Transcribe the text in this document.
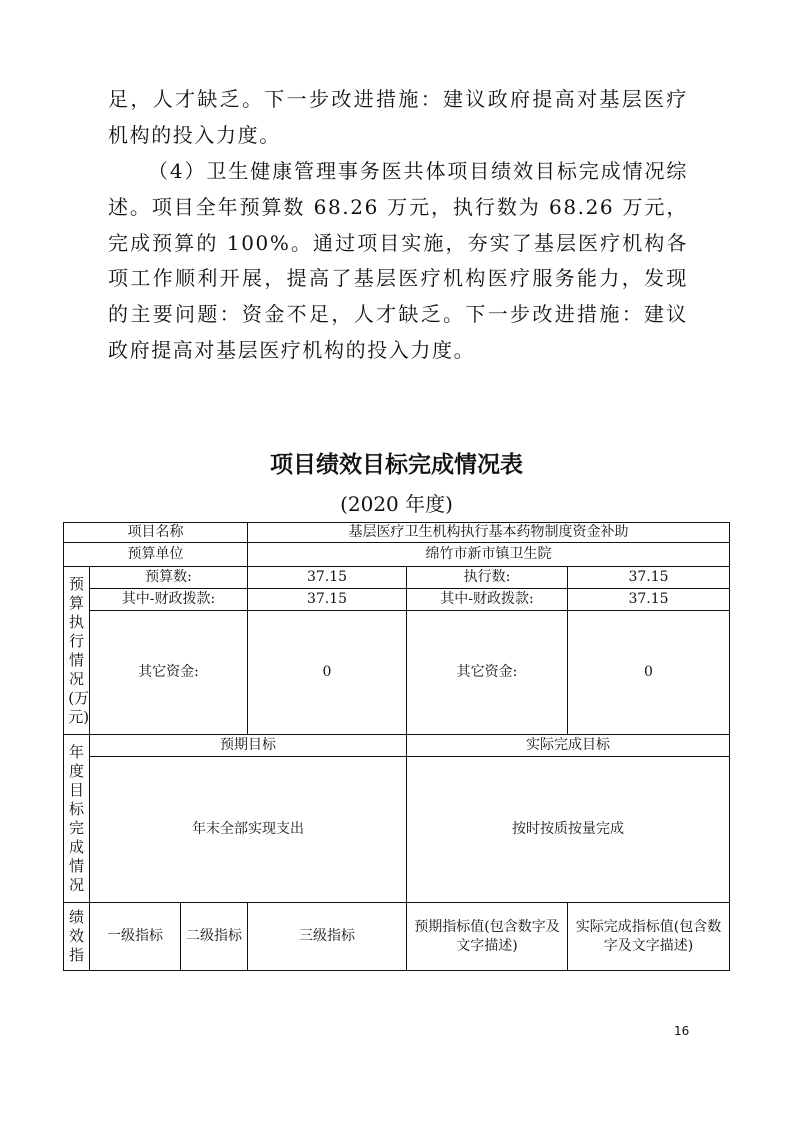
足，人才缺乏。下一步改进措施：建议政府提高对基层医疗机构的投入力度。

（4）卫生健康管理事务医共体项目绩效目标完成情况综述。项目全年预算数 68.26 万元，执行数为 68.26 万元，完成预算的 100%。通过项目实施，夯实了基层医疗机构各项工作顺利开展，提高了基层医疗机构医疗服务能力，发现的主要问题：资金不足，人才缺乏。下一步改进措施：建议政府提高对基层医疗机构的投入力度。

项目绩效目标完成情况表
(2020 年度)
项目名称			基层医疗卫生机构执行基本药物制度资金补助		
预算单位			绵竹市新市镇卫生院		

预算执行情况(万元)	预算数:		37.15	执行数:	37.15
	其中-财政拨款:		37.15	其中-财政拨款:	37.15
	其它资金:		0	其它资金:	0

年度目标完成情况	预期目标			实际完成目标	
	年末全部实现支出			按时按质按量完成	

绩效指	一级指标	二级指标	三级指标	预期指标值(包含数字及文字描述)	实际完成指标值(包含数字及文字描述)
16
